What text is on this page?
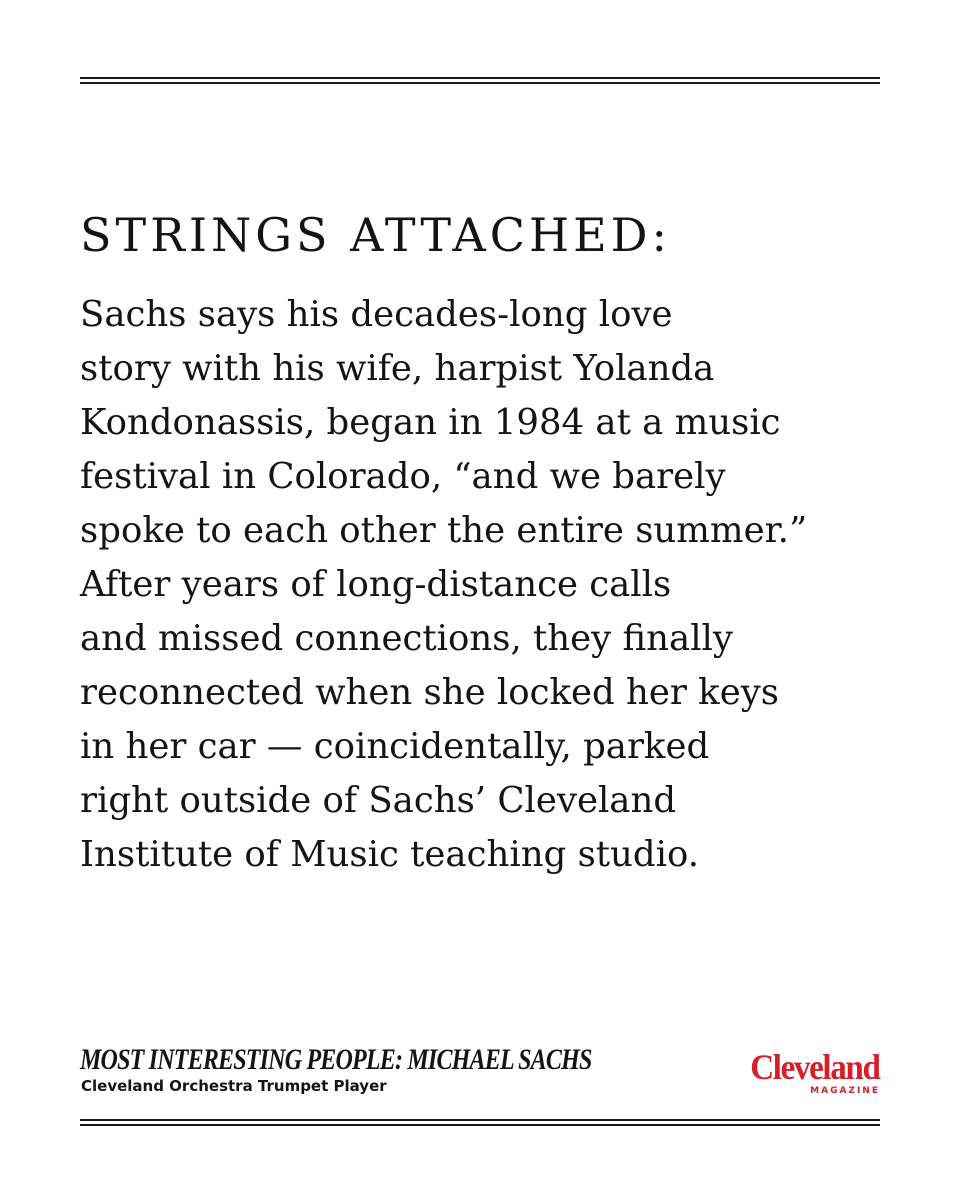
STRINGS ATTACHED:

Sachs says his decades-long love
story with his wife, harpist Yolanda
Kondonassis, began in 1984 at a music
festival in Colorado, “and we barely
spoke to each other the entire summer.”
After years of long-distance calls
and missed connections, they finally
reconnected when she locked her keys
in her car — coincidentally, parked
right outside of Sachs’ Cleveland
Institute of Music teaching studio.

MOST INTERESTING PEOPLE: MICHAEL SACHS
Cleveland Orchestra Trumpet Player	Cleveland
MAGAZINE
